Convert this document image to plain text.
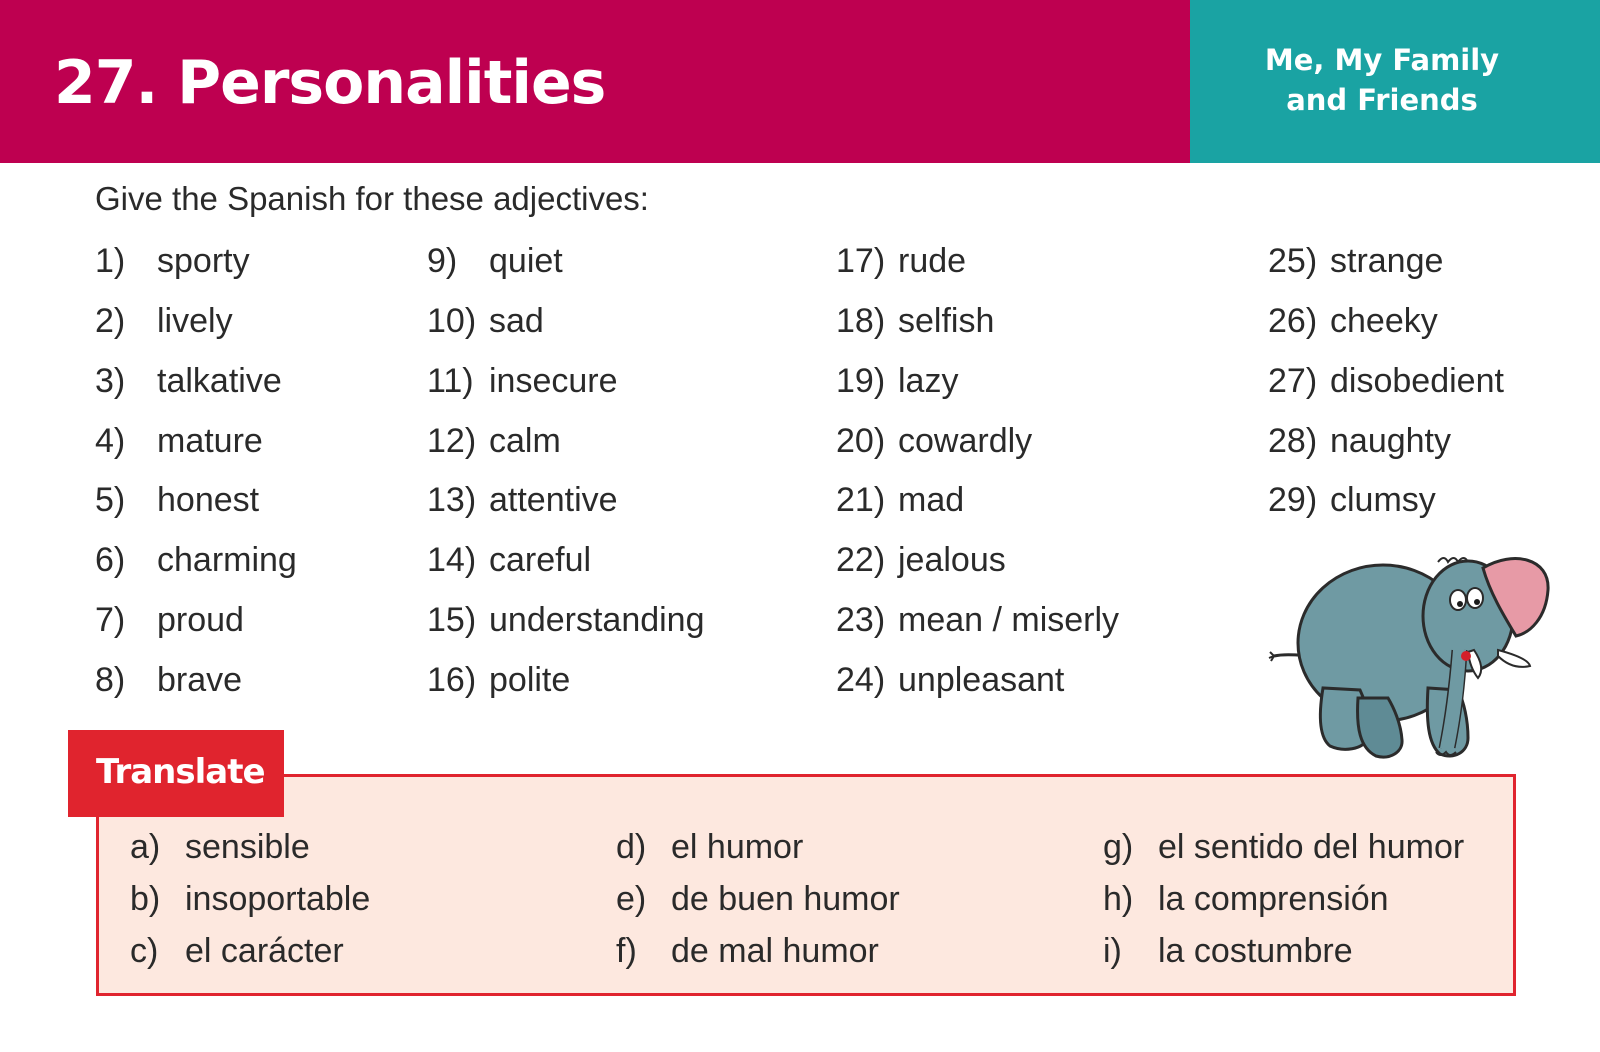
27. Personalities	Me, My Family
and Friends
Give the Spanish for these adjectives:
1) sporty
2) lively
3) talkative
4) mature
5) honest
6) charming
7) proud
8) brave
9) quiet
10) sad
11) insecure
12) calm
13) attentive
14) careful
15) understanding
16) polite
17) rude
18) selfish
19) lazy
20) cowardly
21) mad
22) jealous
23) mean / miserly
24) unpleasant
25) strange
26) cheeky
27) disobedient
28) naughty
29) clumsy
Translate
a) sensible
b) insoportable
c) el carácter
d) el humor
e) de buen humor
f) de mal humor
g) el sentido del humor
h) la comprensión
i) la costumbre
